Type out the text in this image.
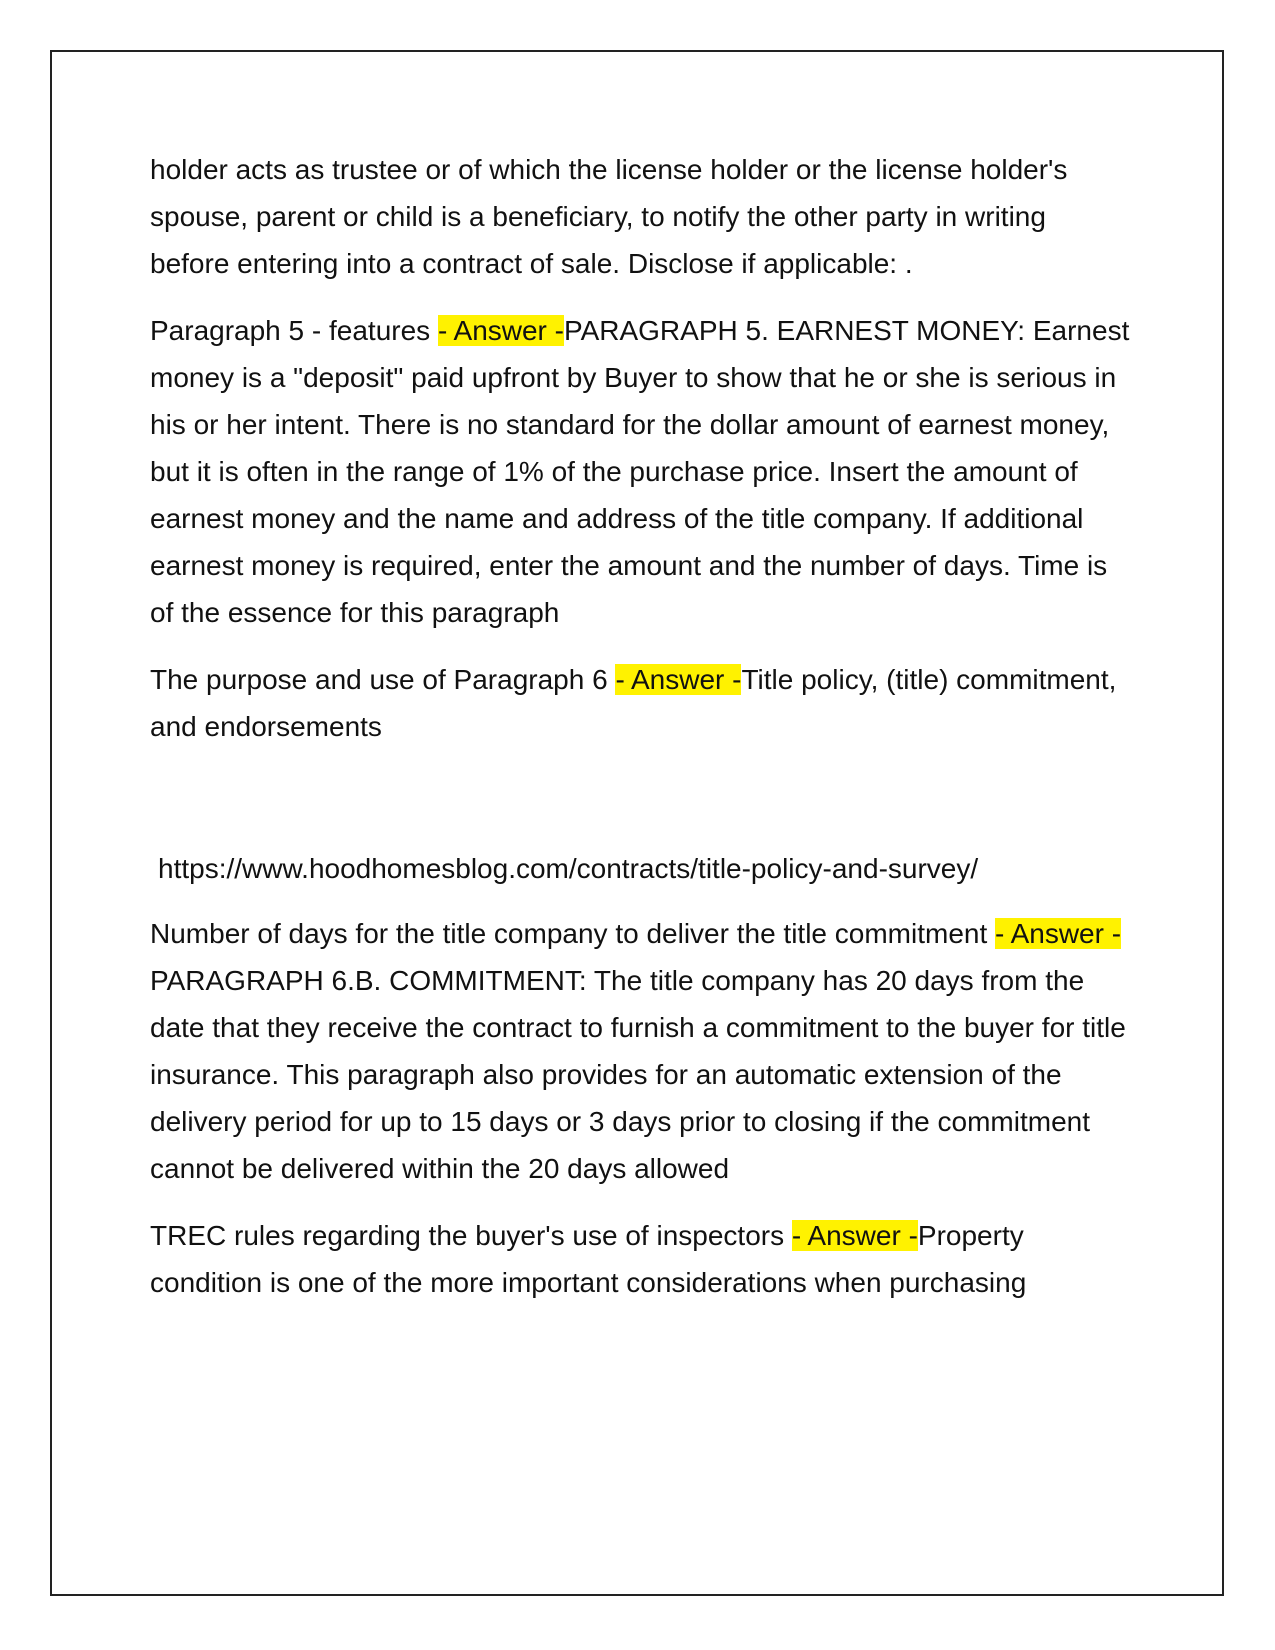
holder acts as trustee or of which the license holder or the license holder's spouse, parent or child is a beneficiary, to notify the other party in writing before entering into a contract of sale. Disclose if applicable: .

Paragraph 5 - features - Answer -PARAGRAPH 5. EARNEST MONEY: Earnest money is a "deposit" paid upfront by Buyer to show that he or she is serious in his or her intent. There is no standard for the dollar amount of earnest money, but it is often in the range of 1% of the purchase price. Insert the amount of earnest money and the name and address of the title company. If additional earnest money is required, enter the amount and the number of days. Time is of the essence for this paragraph

The purpose and use of Paragraph 6 - Answer -Title policy, (title) commitment, and endorsements

https://www.hoodhomesblog.com/contracts/title-policy-and-survey/

Number of days for the title company to deliver the title commitment - Answer -PARAGRAPH 6.B. COMMITMENT: The title company has 20 days from the date that they receive the contract to furnish a commitment to the buyer for title insurance. This paragraph also provides for an automatic extension of the delivery period for up to 15 days or 3 days prior to closing if the commitment cannot be delivered within the 20 days allowed

TREC rules regarding the buyer's use of inspectors - Answer -Property condition is one of the more important considerations when purchasing
